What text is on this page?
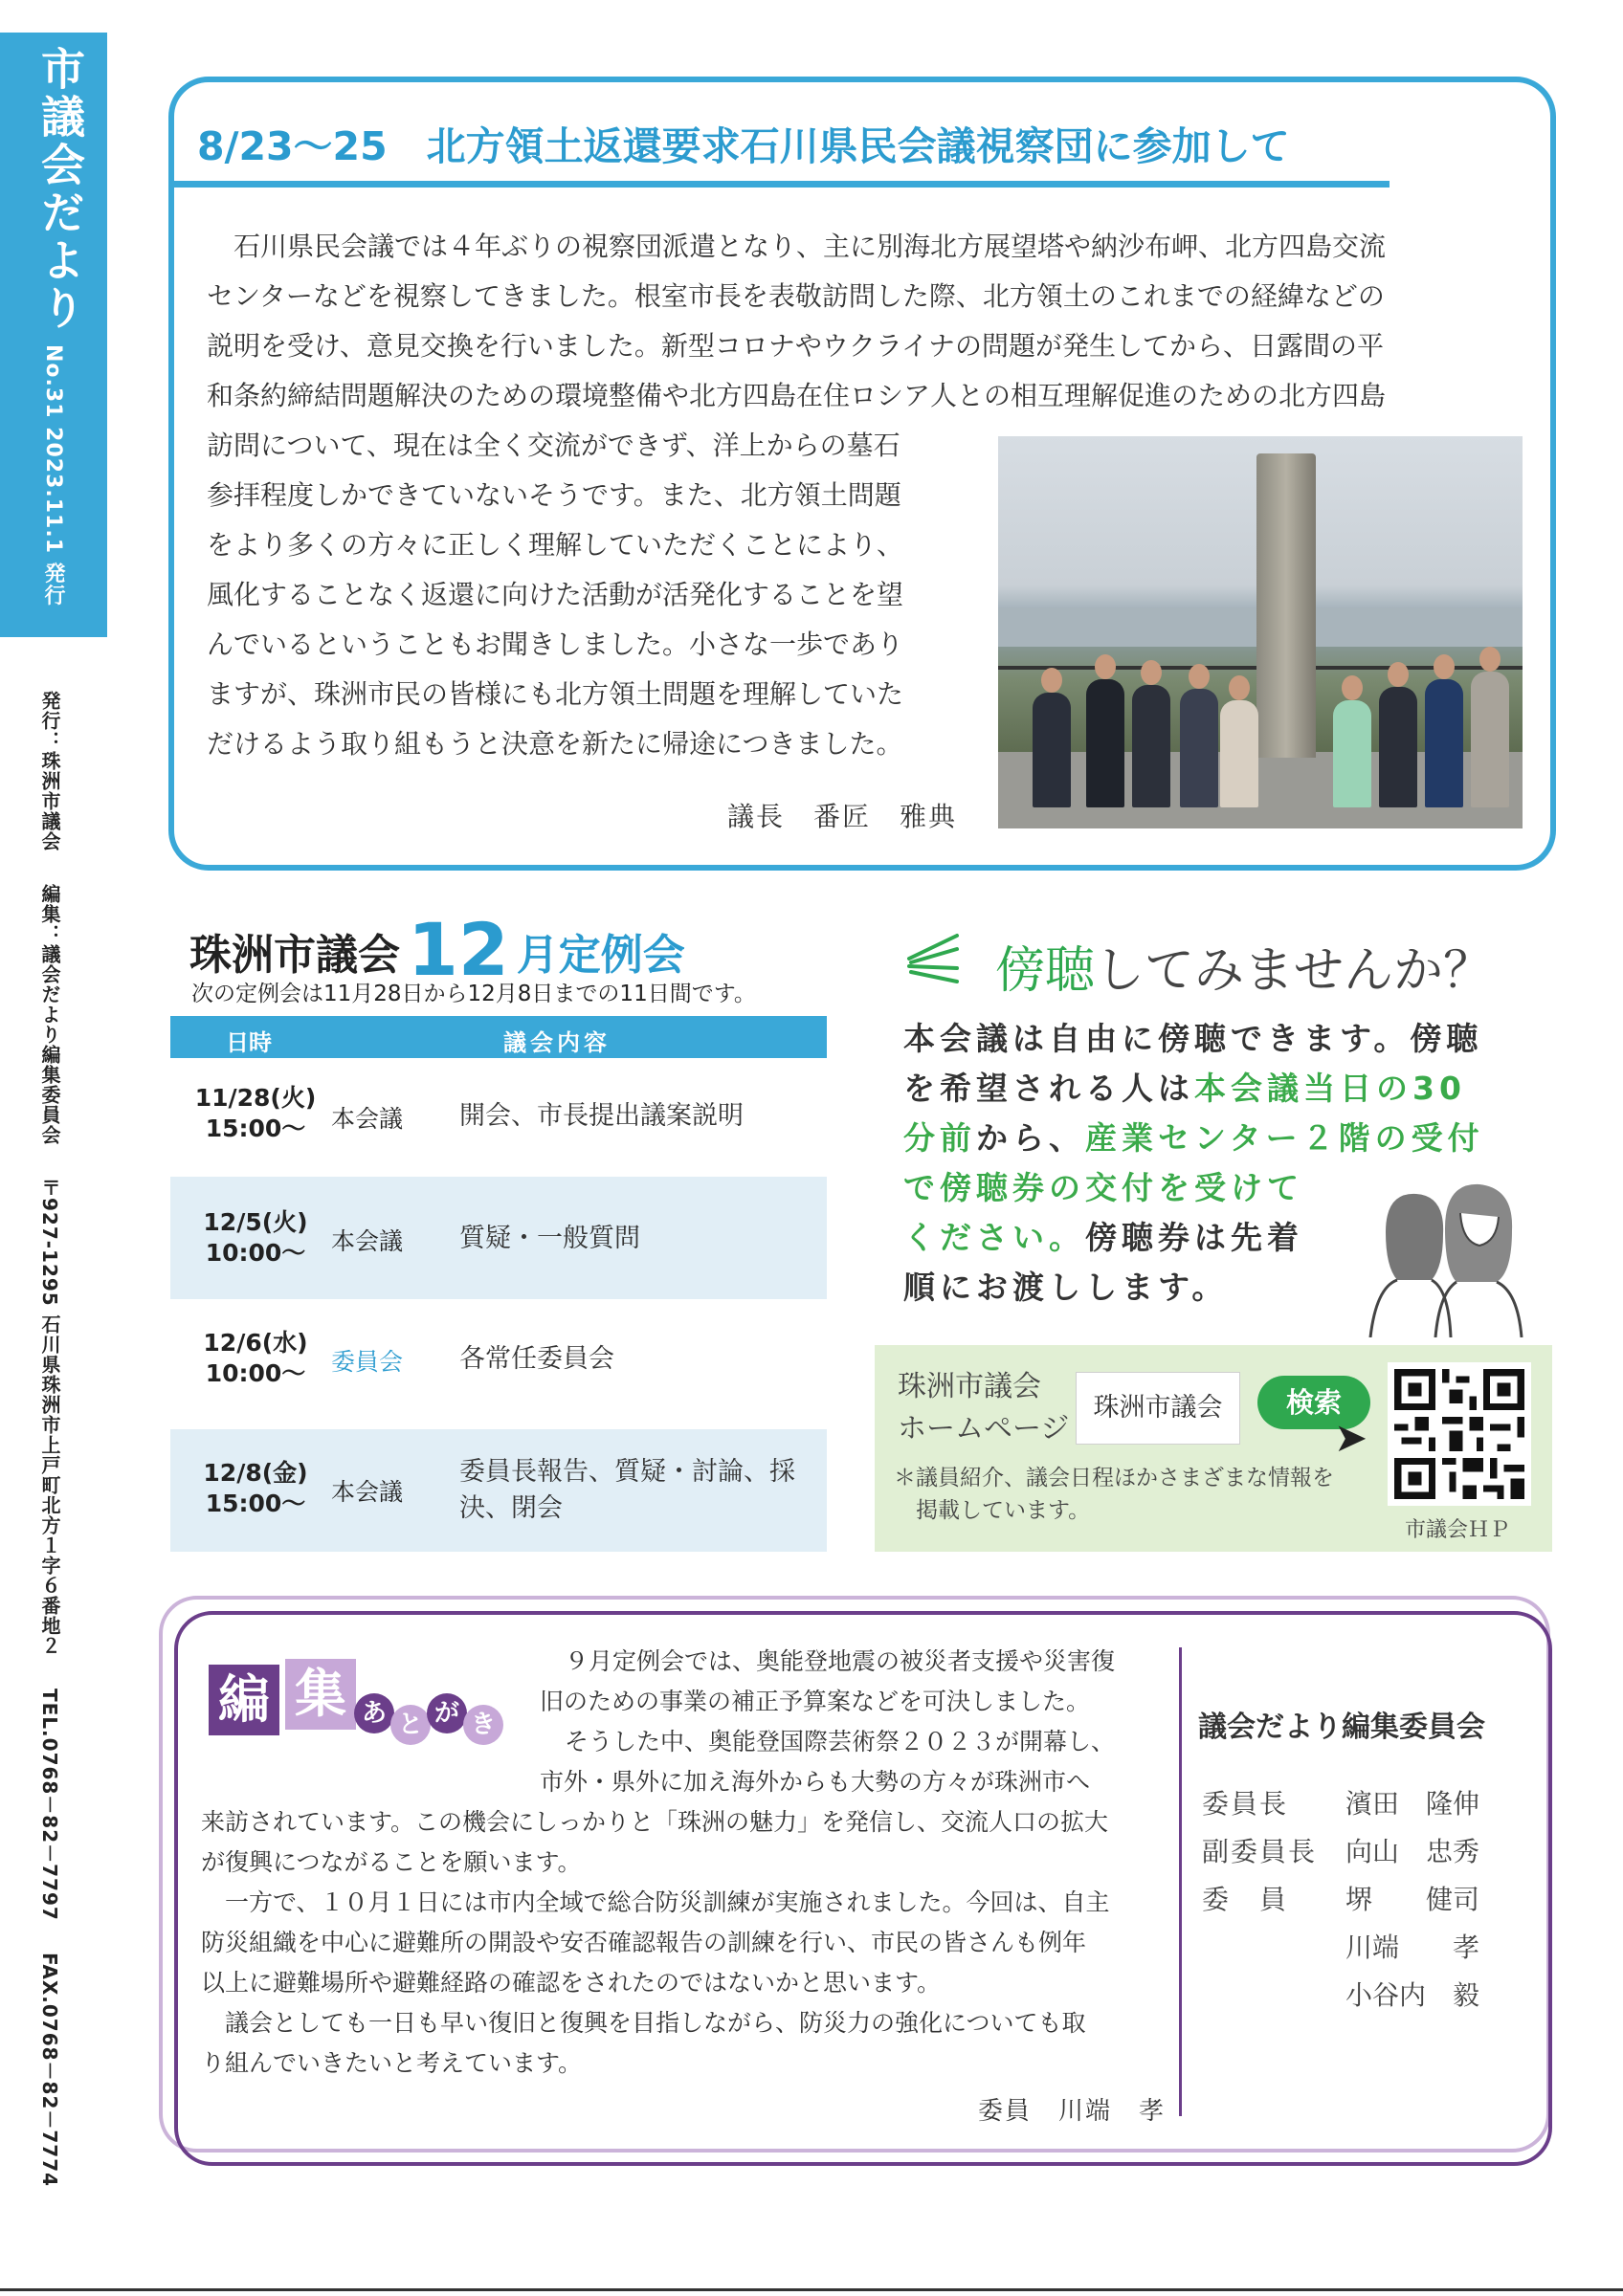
市議会だより
No.31 2023.11.1 発行
発行：珠洲市議会 編集：議会だより編集委員会 〒927-1295 石川県珠洲市上戸町北方１字６番地２ TEL.0768－82－7797 FAX.0768－82－7774
8/23～25　北方領土返還要求石川県民会議視察団に参加して
　石川県民会議では４年ぶりの視察団派遣となり、主に別海北方展望塔や納沙布岬、北方四島交流
センターなどを視察してきました。根室市長を表敬訪問した際、北方領土のこれまでの経緯などの
説明を受け、意見交換を行いました。新型コロナやウクライナの問題が発生してから、日露間の平
和条約締結問題解決のための環境整備や北方四島在住ロシア人との相互理解促進のための北方四島
訪問について、現在は全く交流ができず、洋上からの墓石
参拝程度しかできていないそうです。また、北方領土問題
をより多くの方々に正しく理解していただくことにより、
風化することなく返還に向けた活動が活発化することを望
んでいるということもお聞きしました。小さな一歩であり
ますが、珠洲市民の皆様にも北方領土問題を理解していた
だけるよう取り組もうと決意を新たに帰途につきました。
議長　番匠　雅典
珠洲市議会 12 月定例会
次の定例会は11月28日から12月8日までの11日間です。
日時	議会内容
11/28(火)
15:00～	本会議 開会、市長提出議案説明
12/5(火)
10:00～	本会議 質疑・一般質問
12/6(水)
10:00～	委員会 各常任委員会
12/8(金)
15:00～	本会議
委員長報告、質疑・討論、採決、閉会
傍聴してみませんか？
本会議は自由に傍聴できます。傍聴
を希望される人は本会議当日の30
分前から、産業センター２階の受付
で傍聴券の交付を受けて
ください。傍聴券は先着
順にお渡しします。
珠洲市議会
ホームページ
珠洲市議会	検索
➤
＊議員紹介、議会日程ほかさまざまな情報を
　掲載しています。
市議会ＨＰ
編 集 あ と が き
９月定例会では、奥能登地震の被災者支援や災害復
旧のための事業の補正予算案などを可決しました。
そうした中、奥能登国際芸術祭２０２３が開幕し、
市外・県外に加え海外からも大勢の方々が珠洲市へ
来訪されています。この機会にしっかりと「珠洲の魅力」を発信し、交流人口の拡大
が復興につながることを願います。
　一方で、１０月１日には市内全域で総合防災訓練が実施されました。今回は、自主
防災組織を中心に避難所の開設や安否確認報告の訓練を行い、市民の皆さんも例年
以上に避難場所や避難経路の確認をされたのではないかと思います。
　議会としても一日も早い復旧と復興を目指しながら、防災力の強化についても取
り組んでいきたいと考えています。
委員　川端　孝
議会だより編集委員会
委員長 濱田　隆伸
副委員長 向山　忠秀
委　員 堺　　健司
川端　　孝
小谷内　毅
